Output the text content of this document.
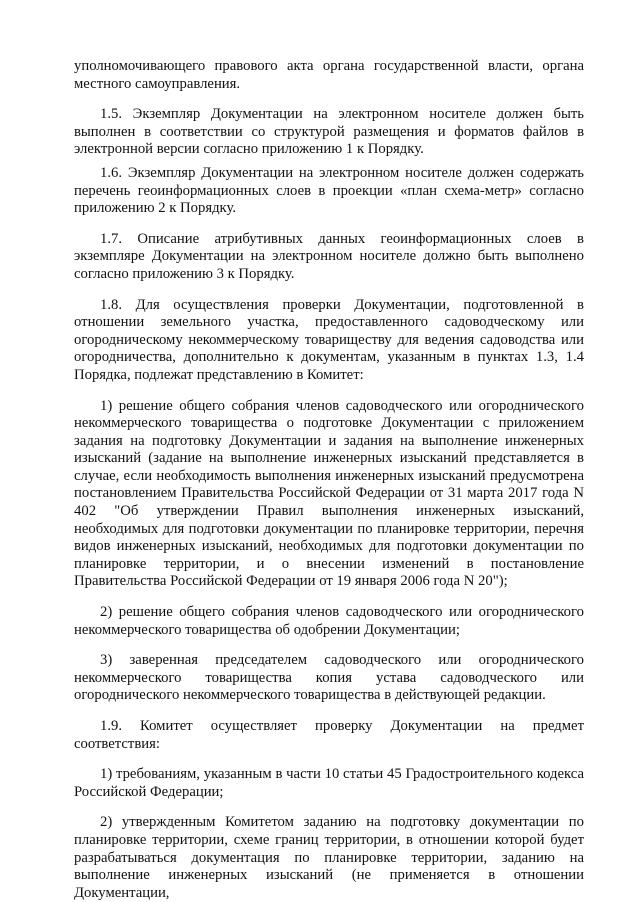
уполномочивающего правового акта органа государственной власти, органа местного самоуправления.

1.5. Экземпляр Документации на электронном носителе должен быть выполнен в соответствии со структурой размещения и форматов файлов в электронной версии согласно приложению 1 к Порядку.

1.6. Экземпляр Документации на электронном носителе должен содержать перечень геоинформационных слоев в проекции «план схема-метр» согласно приложению 2 к Порядку.

1.7. Описание атрибутивных данных геоинформационных слоев в экземпляре Документации на электронном носителе должно быть выполнено согласно приложению 3 к Порядку.

1.8. Для осуществления проверки Документации, подготовленной в отношении земельного участка, предоставленного садоводческому или огородническому некоммерческому товариществу для ведения садоводства или огородничества, дополнительно к документам, указанным в пунктах 1.3, 1.4 Порядка, подлежат представлению в Комитет:

1) решение общего собрания членов садоводческого или огороднического некоммерческого товарищества о подготовке Документации с приложением задания на подготовку Документации и задания на выполнение инженерных изысканий (задание на выполнение инженерных изысканий представляется в случае, если необходимость выполнения инженерных изысканий предусмотрена постановлением Правительства Российской Федерации от 31 марта 2017 года N 402 "Об утверждении Правил выполнения инженерных изысканий, необходимых для подготовки документации по планировке территории, перечня видов инженерных изысканий, необходимых для подготовки документации по планировке территории, и о внесении изменений в постановление Правительства Российской Федерации от 19 января 2006 года N 20");

2) решение общего собрания членов садоводческого или огороднического некоммерческого товарищества об одобрении Документации;

3) заверенная председателем садоводческого или огороднического некоммерческого товарищества копия устава садоводческого или огороднического некоммерческого товарищества в действующей редакции.

1.9. Комитет осуществляет проверку Документации на предмет соответствия:

1) требованиям, указанным в части 10 статьи 45 Градостроительного кодекса Российской Федерации;

2) утвержденным Комитетом заданию на подготовку документации по планировке территории, схеме границ территории, в отношении которой будет разрабатываться документация по планировке территории, заданию на выполнение инженерных изысканий (не применяется в отношении Документации,
